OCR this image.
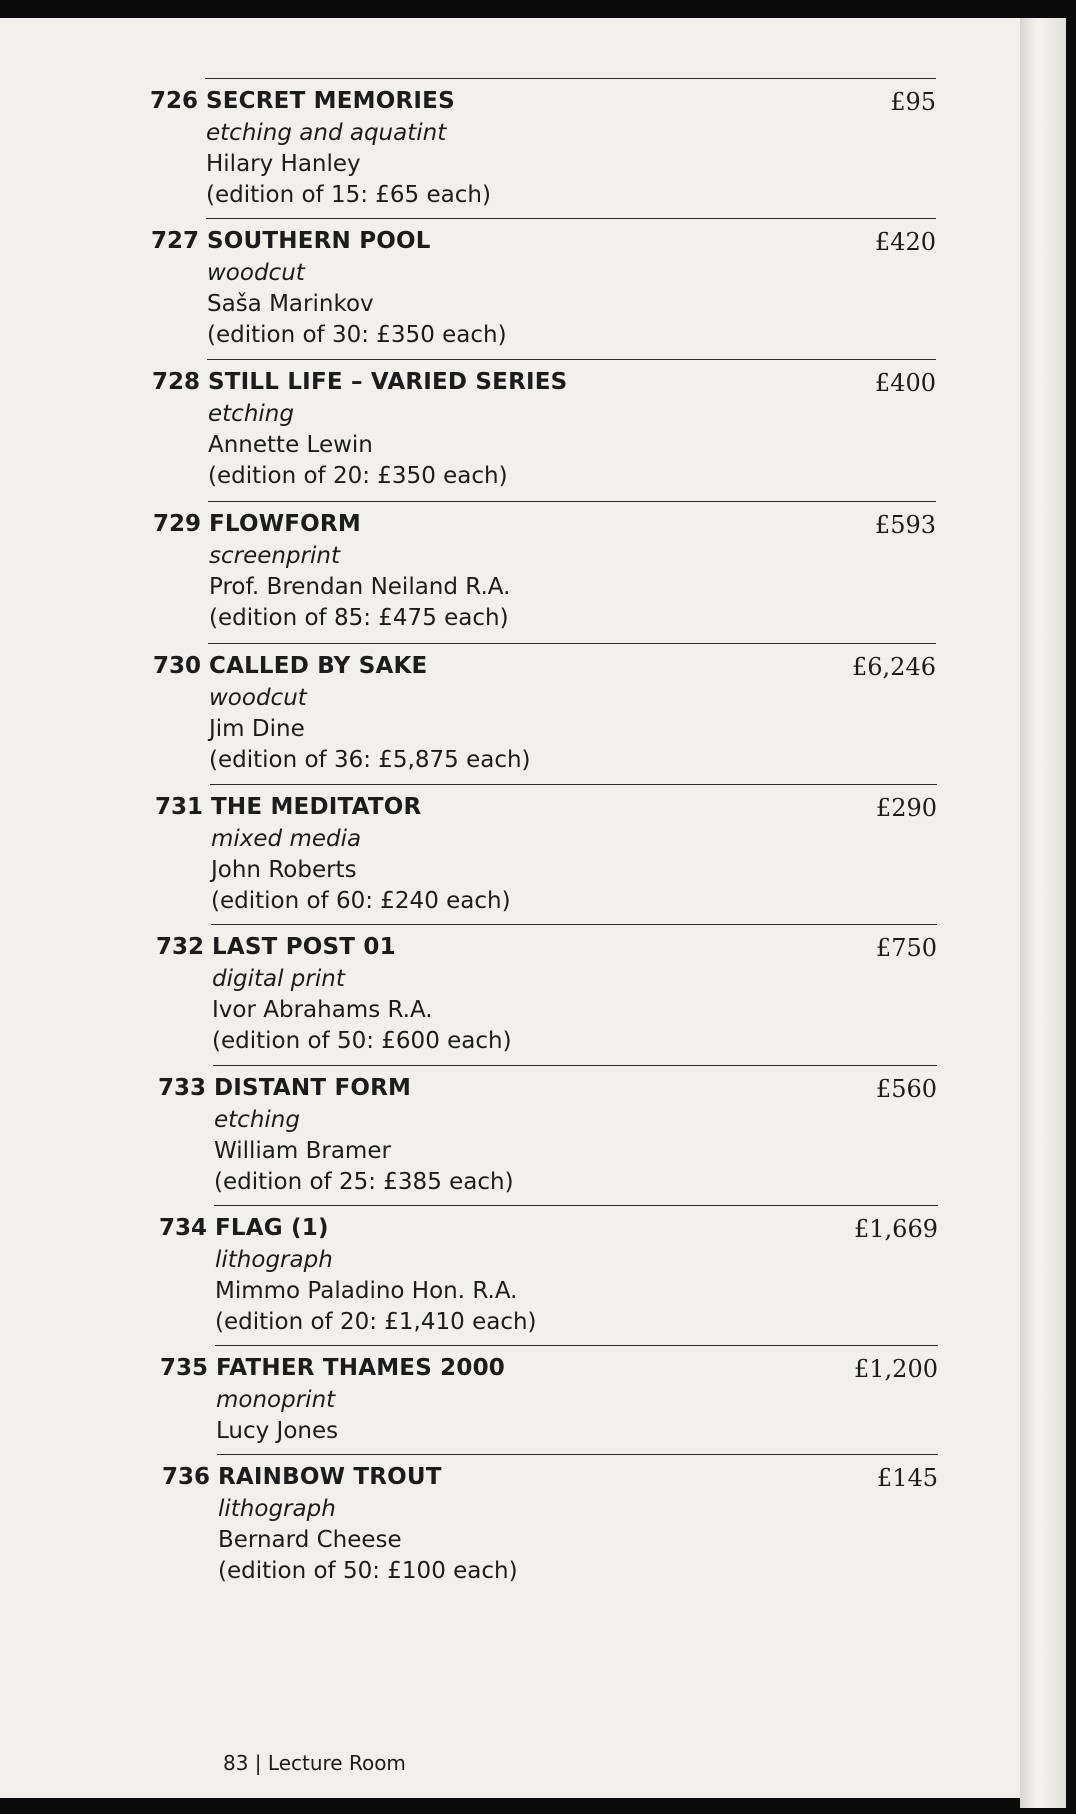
726 SECRET MEMORIES
etching and aquatint
Hilary Hanley
(edition of 15: £65 each)
£95
727 SOUTHERN POOL
woodcut
Saša Marinkov
(edition of 30: £350 each)
£420
728 STILL LIFE – VARIED SERIES
etching
Annette Lewin
(edition of 20: £350 each)
£400
729 FLOWFORM
screenprint
Prof. Brendan Neiland R.A.
(edition of 85: £475 each)
£593
730 CALLED BY SAKE
woodcut
Jim Dine
(edition of 36: £5,875 each)
£6,246
731 THE MEDITATOR
mixed media
John Roberts
(edition of 60: £240 each)
£290
732 LAST POST 01
digital print
Ivor Abrahams R.A.
(edition of 50: £600 each)
£750
733 DISTANT FORM
etching
William Bramer
(edition of 25: £385 each)
£560
734 FLAG (1)
lithograph
Mimmo Paladino Hon. R.A.
(edition of 20: £1,410 each)
£1,669
735 FATHER THAMES 2000
monoprint
Lucy Jones
£1,200
736 RAINBOW TROUT
lithograph
Bernard Cheese
(edition of 50: £100 each)
£145
83 | Lecture Room
